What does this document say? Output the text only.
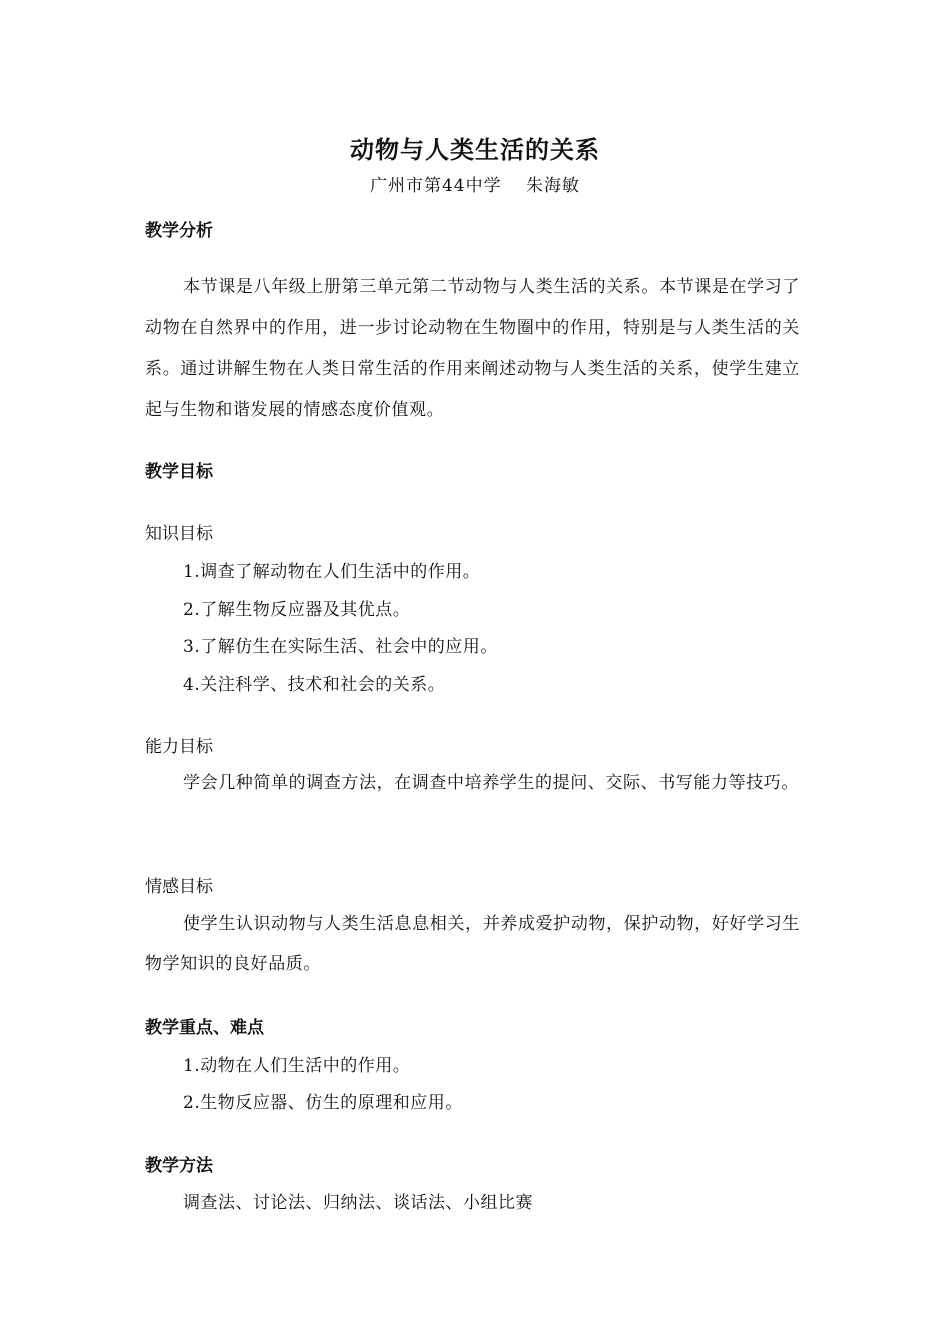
动物与人类生活的关系
广州市第44中学　 朱海敏
教学分析
本节课是八年级上册第三单元第二节动物与人类生活的关系。本节课是在学习了动物在自然界中的作用，进一步讨论动物在生物圈中的作用，特别是与人类生活的关系。通过讲解生物在人类日常生活的作用来阐述动物与人类生活的关系，使学生建立起与生物和谐发展的情感态度价值观。
教学目标
知识目标
1.调查了解动物在人们生活中的作用。
2.了解生物反应器及其优点。
3.了解仿生在实际生活、社会中的应用。
4.关注科学、技术和社会的关系。
能力目标
学会几种简单的调查方法，在调查中培养学生的提问、交际、书写能力等技巧。
情感目标
使学生认识动物与人类生活息息相关，并养成爱护动物，保护动物，好好学习生物学知识的良好品质。
教学重点、难点
1.动物在人们生活中的作用。
2.生物反应器、仿生的原理和应用。
教学方法
调查法、讨论法、归纳法、谈话法、小组比赛
